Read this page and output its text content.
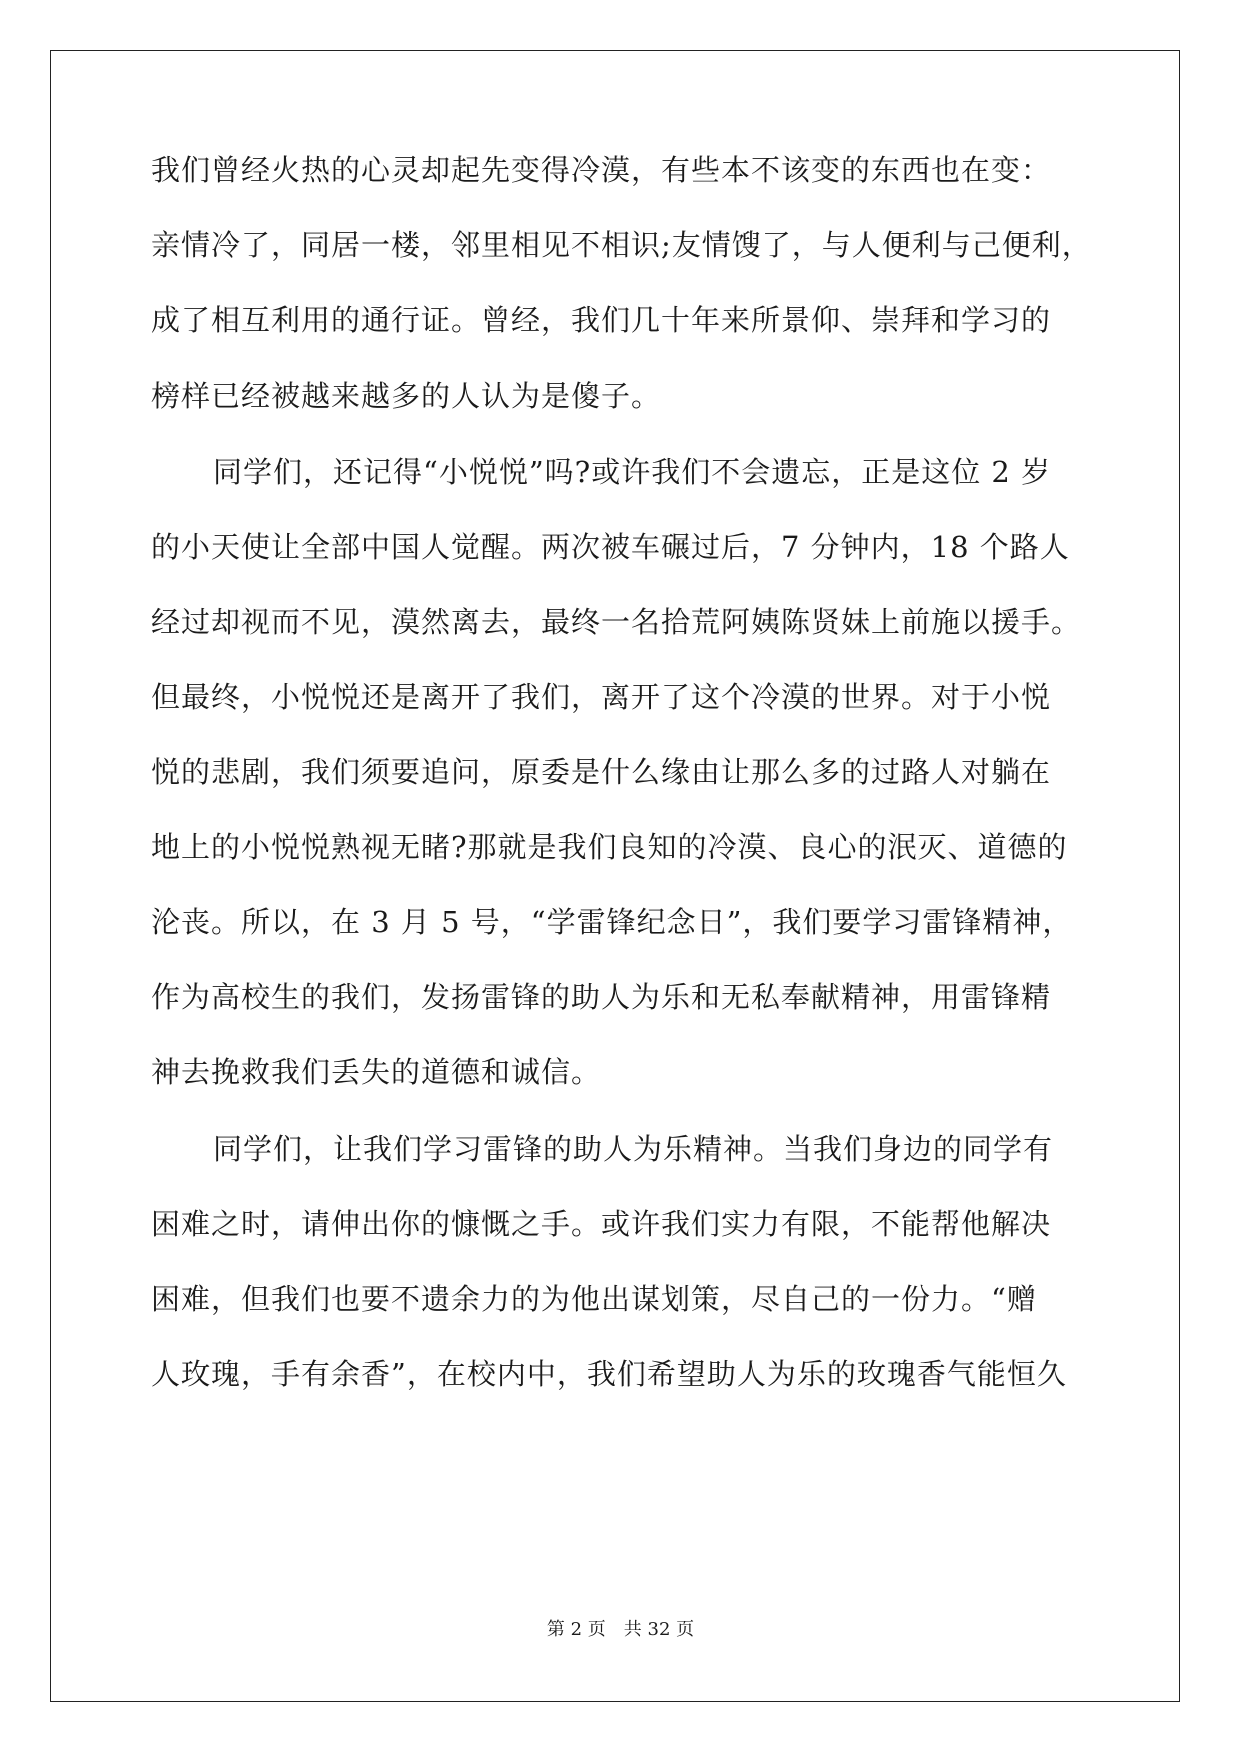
我们曾经火热的心灵却起先变得冷漠，有些本不该变的东西也在变：

亲情冷了，同居一楼，邻里相见不相识;友情馊了，与人便利与己便利，

成了相互利用的通行证。曾经，我们几十年来所景仰、崇拜和学习的

榜样已经被越来越多的人认为是傻子。

同学们，还记得“小悦悦”吗?或许我们不会遗忘，正是这位 2 岁

的小天使让全部中国人觉醒。两次被车碾过后，7 分钟内，18 个路人

经过却视而不见，漠然离去，最终一名拾荒阿姨陈贤妹上前施以援手。

但最终，小悦悦还是离开了我们，离开了这个冷漠的世界。对于小悦

悦的悲剧，我们须要追问，原委是什么缘由让那么多的过路人对躺在

地上的小悦悦熟视无睹?那就是我们良知的冷漠、良心的泯灭、道德的

沦丧。所以，在 3 月 5 号，“学雷锋纪念日”，我们要学习雷锋精神，

作为高校生的我们，发扬雷锋的助人为乐和无私奉献精神，用雷锋精

神去挽救我们丢失的道德和诚信。

同学们，让我们学习雷锋的助人为乐精神。当我们身边的同学有

困难之时，请伸出你的慷慨之手。或许我们实力有限，不能帮他解决

困难，但我们也要不遗余力的为他出谋划策，尽自己的一份力。“赠

人玫瑰，手有余香”，在校内中，我们希望助人为乐的玫瑰香气能恒久

第 2 页 共 32 页
